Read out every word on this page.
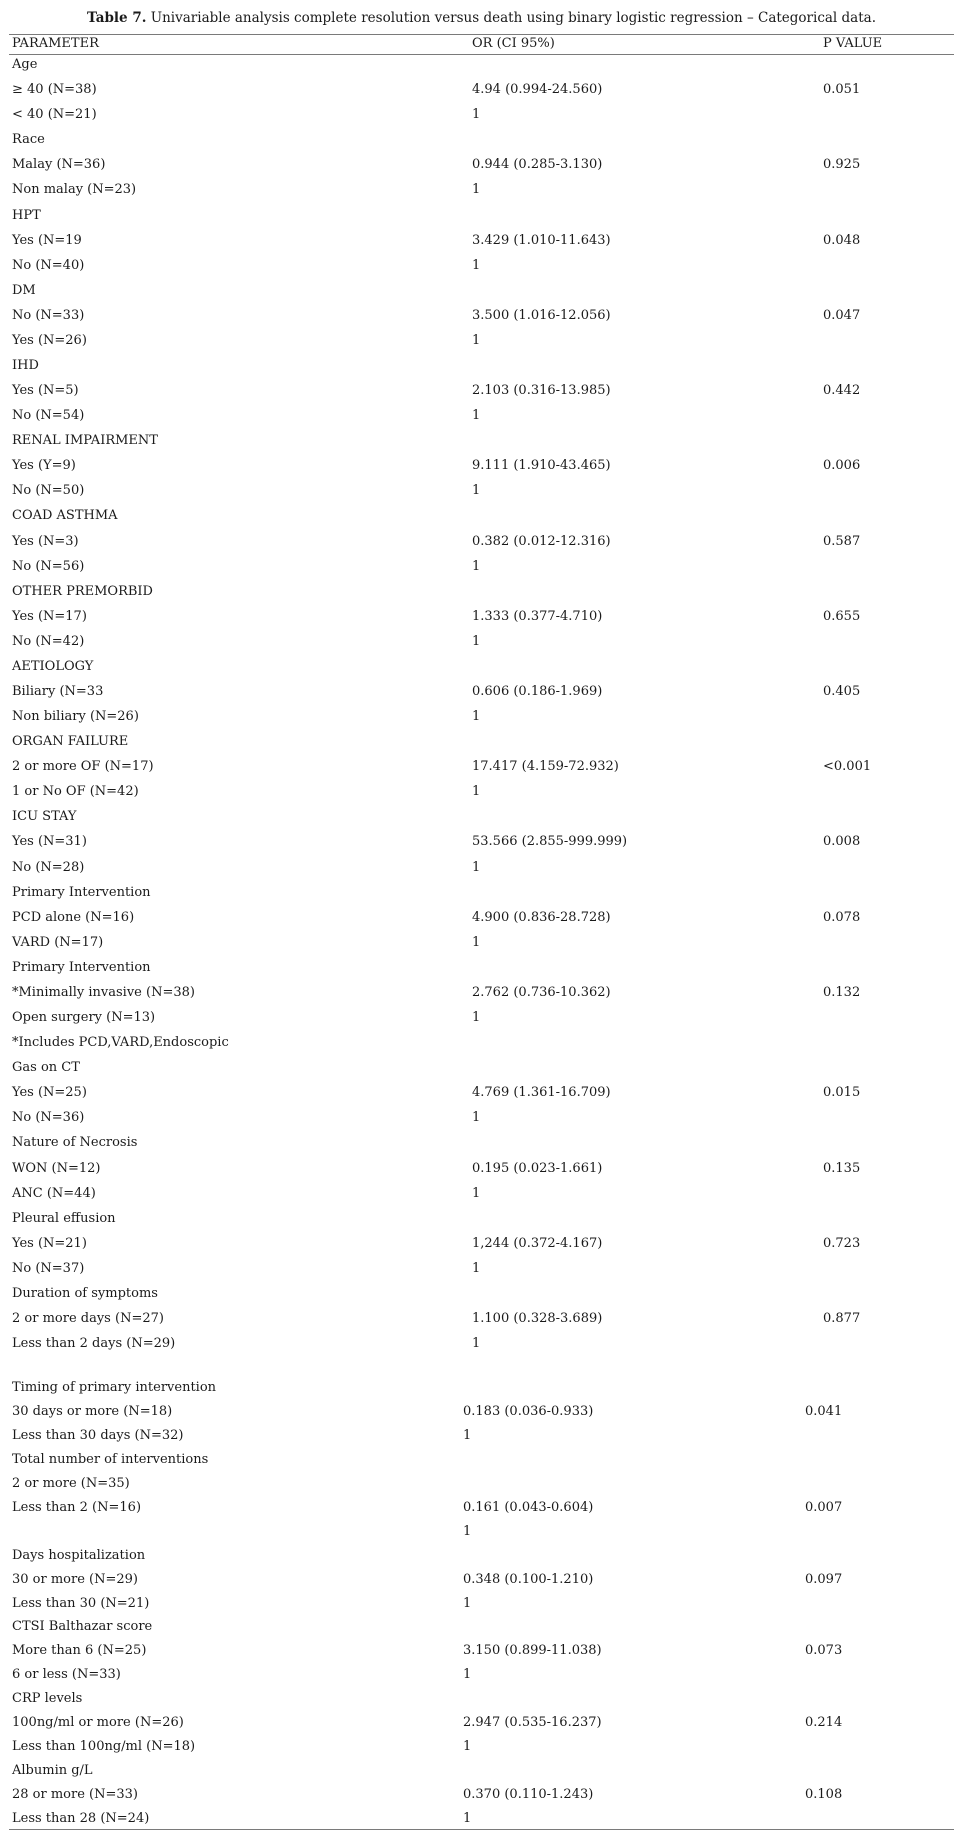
Table 7. Univariable analysis complete resolution versus death using binary logistic regression – Categorical data.
PARAMETER	OR (CI 95%)	P VALUE
Age
≥ 40 (N=38)	4.94 (0.994-24.560)	0.051
< 40 (N=21)	1
Race
Malay (N=36)	0.944 (0.285-3.130)	0.925
Non malay (N=23)	1
HPT
Yes (N=19	3.429 (1.010-11.643)	0.048
No (N=40)	1
DM
No (N=33)	3.500 (1.016-12.056)	0.047
Yes (N=26)	1
IHD
Yes (N=5)	2.103 (0.316-13.985)	0.442
No (N=54)	1
RENAL IMPAIRMENT
Yes (Y=9)	9.111 (1.910-43.465)	0.006
No (N=50)	1
COAD ASTHMA
Yes (N=3)	0.382 (0.012-12.316)	0.587
No (N=56)	1
OTHER PREMORBID
Yes (N=17)	1.333 (0.377-4.710)	0.655
No (N=42)	1
AETIOLOGY
Biliary (N=33	0.606 (0.186-1.969)	0.405
Non biliary (N=26)	1
ORGAN FAILURE
2 or more OF (N=17)	17.417 (4.159-72.932)	<0.001
1 or No OF (N=42)	1
ICU STAY
Yes (N=31)	53.566 (2.855-999.999)	0.008
No (N=28)	1
Primary Intervention
PCD alone (N=16)	4.900 (0.836-28.728)	0.078
VARD (N=17)	1
Primary Intervention
*Minimally invasive (N=38)	2.762 (0.736-10.362)	0.132
Open surgery (N=13)	1
*Includes PCD,VARD,Endoscopic
Gas on CT
Yes (N=25)	4.769 (1.361-16.709)	0.015
No (N=36)	1
Nature of Necrosis
WON (N=12)	0.195 (0.023-1.661)	0.135
ANC (N=44)	1
Pleural effusion
Yes (N=21)	1,244 (0.372-4.167)	0.723
No (N=37)	1
Duration of symptoms
2 or more days (N=27)	1.100 (0.328-3.689)	0.877
Less than 2 days (N=29)	1
Timing of primary intervention
30 days or more (N=18)	0.183 (0.036-0.933)	0.041
Less than 30 days (N=32)	1
Total number of interventions
2 or more (N=35)
Less than 2 (N=16)	0.161 (0.043-0.604)	0.007
1
Days hospitalization
30 or more (N=29)	0.348 (0.100-1.210)	0.097
Less than 30 (N=21)	1
CTSI Balthazar score
More than 6 (N=25)	3.150 (0.899-11.038)	0.073
6 or less (N=33)	1
CRP levels
100ng/ml or more (N=26)	2.947 (0.535-16.237)	0.214
Less than 100ng/ml (N=18)	1
Albumin g/L
28 or more (N=33)	0.370 (0.110-1.243)	0.108
Less than 28 (N=24)	1
